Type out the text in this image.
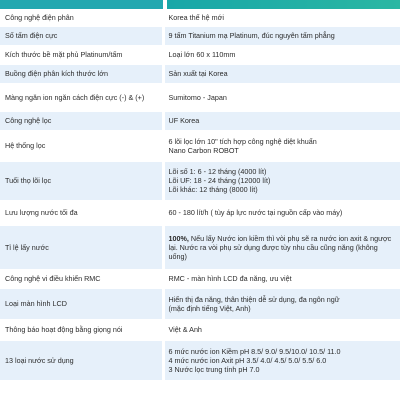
Công nghệ điện phân	Korea thế hệ mới

Số tấm điện cực	9 tấm Titanium mạ Platinum, đúc nguyên tấm phẳng

Kích thước bề mặt phủ Platinum/tấm	Loại lớn 60 x 110mm

Buồng điện phân kích thước lớn	Sản xuất tại Korea

Màng ngăn ion ngăn cách điện cực (-) & (+)	Sumitomo - Japan

Công nghệ lọc	UF Korea

Hệ thống lọc	6 lõi lọc lớn 10" tích hợp công nghệ diệt khuẩn
Nano Carbon ROBOT

Tuổi thọ lõi lọc	Lõi số 1: 6 - 12 tháng (4000 lít)
Lõi UF: 18 - 24 tháng (12000 lít)
Lõi khác: 12 tháng (8000 lít)

Lưu lượng nước tối đa	60 - 180 lít/h ( tùy áp lực nước tại nguồn cấp vào máy)

Tỉ lệ lấy nước	100%, Nếu lấy Nước ion kiềm thì vòi phụ sẽ ra nước ion axit & ngược lại. Nước ra vòi phụ sử dụng được tùy nhu cầu cũng năng (không uống)
Công nghệ vi điều khiển RMC	RMC - màn hình LCD đa năng, ưu việt

Loại màn hình LCD	Hiển thị đa năng, thân thiện dễ sử dụng, đa ngôn ngữ
(mặc định tiếng Việt, Anh)

Thông báo hoạt động bằng giọng nói	Việt & Anh

13 loại nước sử dụng	6 mức nước ion Kiềm pH 8.5/ 9.0/ 9.5/10.0/ 10.5/ 11.0
4 mức nước ion Axit pH 3.5/ 4.0/ 4.5/ 5.0/ 5.5/ 6.0
3 Nước lọc trung tính pH 7.0
